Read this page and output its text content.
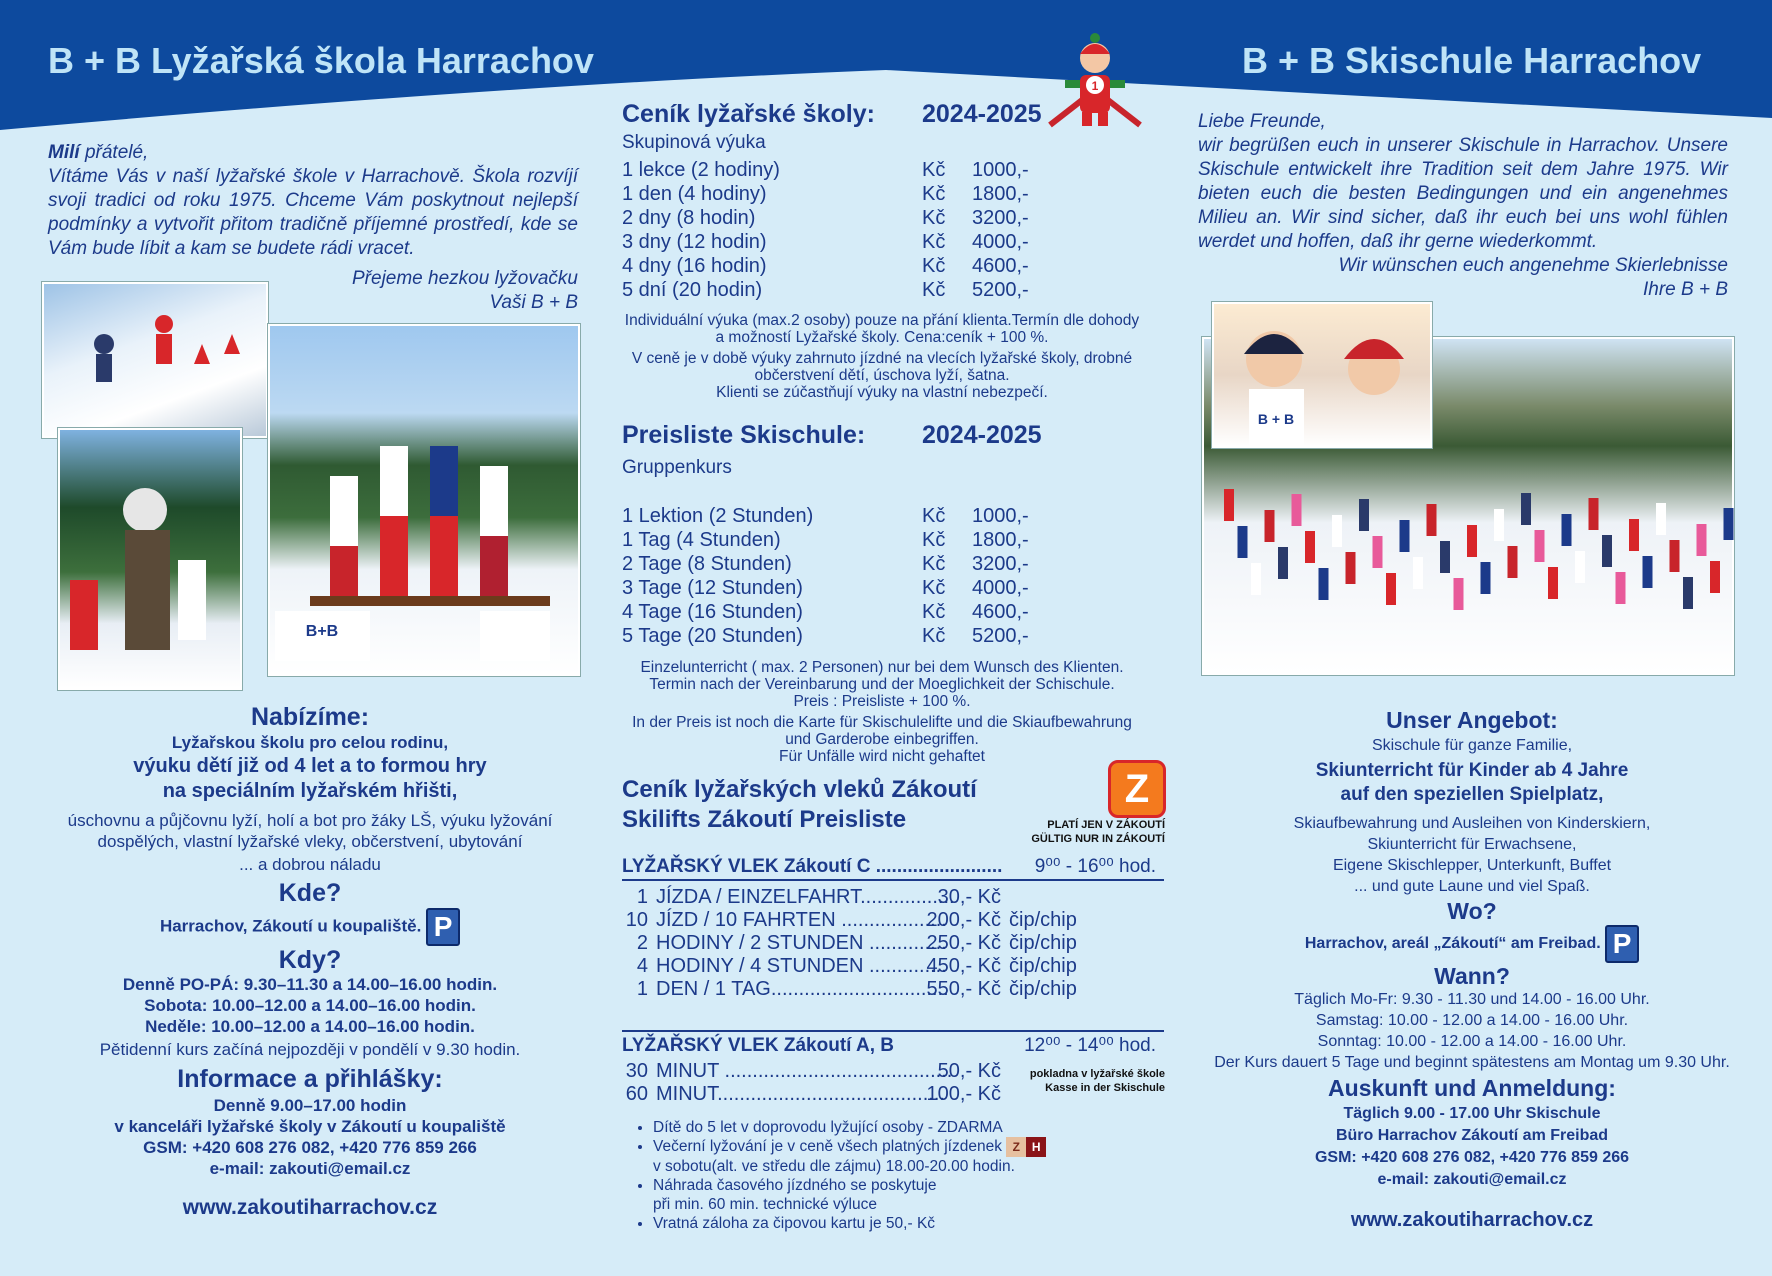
B + B Lyžařská škola Harrachov	B + B Skischule Harrachov
1
Milí přátelé,
Vítáme Vás v naší lyžařské škole v Harrachově. Škola rozvíjí svoji tradici od roku 1975. Chceme Vám poskytnout nejlepší podmínky a vytvořit přitom tradičně příjemné prostředí, kde se Vám bude líbit a kam se budete rádi vracet.
Přejeme hezkou lyžovačku
Vaši B + B
B+B
Nabízíme:
Lyžařskou školu pro celou rodinu,
výuku dětí již od 4 let a to formou hry
na speciálním lyžařském hřišti,
úschovnu a půjčovnu lyží, holí a bot pro žáky LŠ, výuku lyžování
dospělých, vlastní lyžařské vleky, občerstvení, ubytování
... a dobrou náladu
Kde?
Harrachov, Zákoutí u koupaliště. P
Kdy?
Denně PO-PÁ: 9.30–11.30 a 14.00–16.00 hodin.
Sobota: 10.00–12.00 a 14.00–16.00 hodin.
Neděle: 10.00–12.00 a 14.00–16.00 hodin.
Pětidenní kurs začíná nejpozději v pondělí v 9.30 hodin.
Informace a přihlášky:
Denně 9.00–17.00 hodin
v kanceláři lyžařské školy v Zákoutí u koupaliště
GSM: +420 608 276 082, +420 776 859 266
e-mail: zakouti@email.cz
www.zakoutiharrachov.cz
Ceník lyžařské školy: 2024-2025
Skupinová výuka
1 lekce (2 hodiny)	Kč	1000,-
1 den (4 hodiny)	Kč	1800,-
2 dny (8 hodin)	Kč	3200,-
3 dny (12 hodin)	Kč	4000,-
4 dny (16 hodin)	Kč	4600,-
5 dní (20 hodin)	Kč	5200,-
Individuální výuka (max.2 osoby) pouze na přání klienta.Termín dle dohody a možností Lyžařské školy. Cena:ceník + 100 %.
V ceně je v době výuky zahrnuto jízdné na vlecích lyžařské školy, drobné občerstvení dětí, úschova lyží, šatna.
Klienti se zúčastňují výuky na vlastní nebezpečí.
Preisliste Skischule: 2024-2025
Gruppenkurs
1 Lektion (2 Stunden)	Kč	1000,-
1 Tag (4 Stunden)	Kč	1800,-
2 Tage (8 Stunden)	Kč	3200,-
3 Tage (12 Stunden)	Kč	4000,-
4 Tage (16 Stunden)	Kč	4600,-
5 Tage (20 Stunden)	Kč	5200,-
Einzelunterricht ( max. 2 Personen) nur bei dem Wunsch des Klienten. Termin nach der Vereinbarung und der Moeglichkeit der Schischule.
Preis : Preisliste + 100 %.
In der Preis ist noch die Karte für Skischulelifte und die Skiaufbewahrung und Garderobe einbegriffen.
Für Unfälle wird nicht gehaftet
Ceník lyžařských vleků Zákoutí
Skilifts Zákoutí Preisliste
Z
PLATÍ JEN V ZÁKOUTÍ
GÜLTIG NUR IN ZÁKOUTÍ
LYŽAŘSKÝ VLEK Zákoutí C ........................ 9⁰⁰ - 16⁰⁰ hod.
1	JÍZDA / EINZELFAHRT.................	30,- Kč	
10	JÍZD / 10 FAHRTEN ...................	200,- Kč	čip/chip
2	HODINY / 2 STUNDEN ..............	250,- Kč	čip/chip
4	HODINY / 4 STUNDEN ..............	450,- Kč	čip/chip
1	DEN / 1 TAG................................	550,- Kč	čip/chip
LYŽAŘSKÝ VLEK Zákoutí A, B	12⁰⁰ - 14⁰⁰ hod.
30	MINUT .........................................	50,- Kč
60	MINUT.........................................	100,- Kč
pokladna v lyžařské škole
Kasse in der Skischule
• Dítě do 5 let v doprovodu lyžující osoby - ZDARMA
• Večerní lyžování je v ceně všech platných jízdenek Z H
v sobotu(alt. ve středu dle zájmu) 18.00-20.00 hodin.
• Náhrada časového jízdného se poskytuje
při min. 60 min. technické výluce
• Vratná záloha za čipovou kartu je 50,- Kč
Liebe Freunde,
wir begrüßen euch in unserer Skischule in Harrachov. Unsere Skischule entwickelt ihre Tradition seit dem Jahre 1975. Wir bieten euch die besten Bedingungen und ein angenehmes Milieu an. Wir sind sicher, daß ihr euch bei uns wohl fühlen werdet und hoffen, daß ihr gerne wiederkommt.
Wir wünschen euch angenehme Skierlebnisse
Ihre B + B
B + B
Unser Angebot:
Skischule für ganze Familie,
Skiunterricht für Kinder ab 4 Jahre
auf den speziellen Spielplatz,
Skiaufbewahrung und Ausleihen von Kinderskiern,
Skiunterricht für Erwachsene,
Eigene Skischlepper, Unterkunft, Buffet
... und gute Laune und viel Spaß.
Wo?
Harrachov, areál „Zákoutí“ am Freibad. P
Wann?
Täglich Mo-Fr: 9.30 - 11.30 und 14.00 - 16.00 Uhr.
Samstag: 10.00 - 12.00 a 14.00 - 16.00 Uhr.
Sonntag: 10.00 - 12.00 a 14.00 - 16.00 Uhr.
Der Kurs dauert 5 Tage und beginnt spätestens am Montag um 9.30 Uhr.
Auskunft und Anmeldung:
Täglich 9.00 - 17.00 Uhr Skischule
Büro Harrachov Zákoutí am Freibad
GSM: +420 608 276 082, +420 776 859 266
e-mail: zakouti@email.cz
www.zakoutiharrachov.cz
